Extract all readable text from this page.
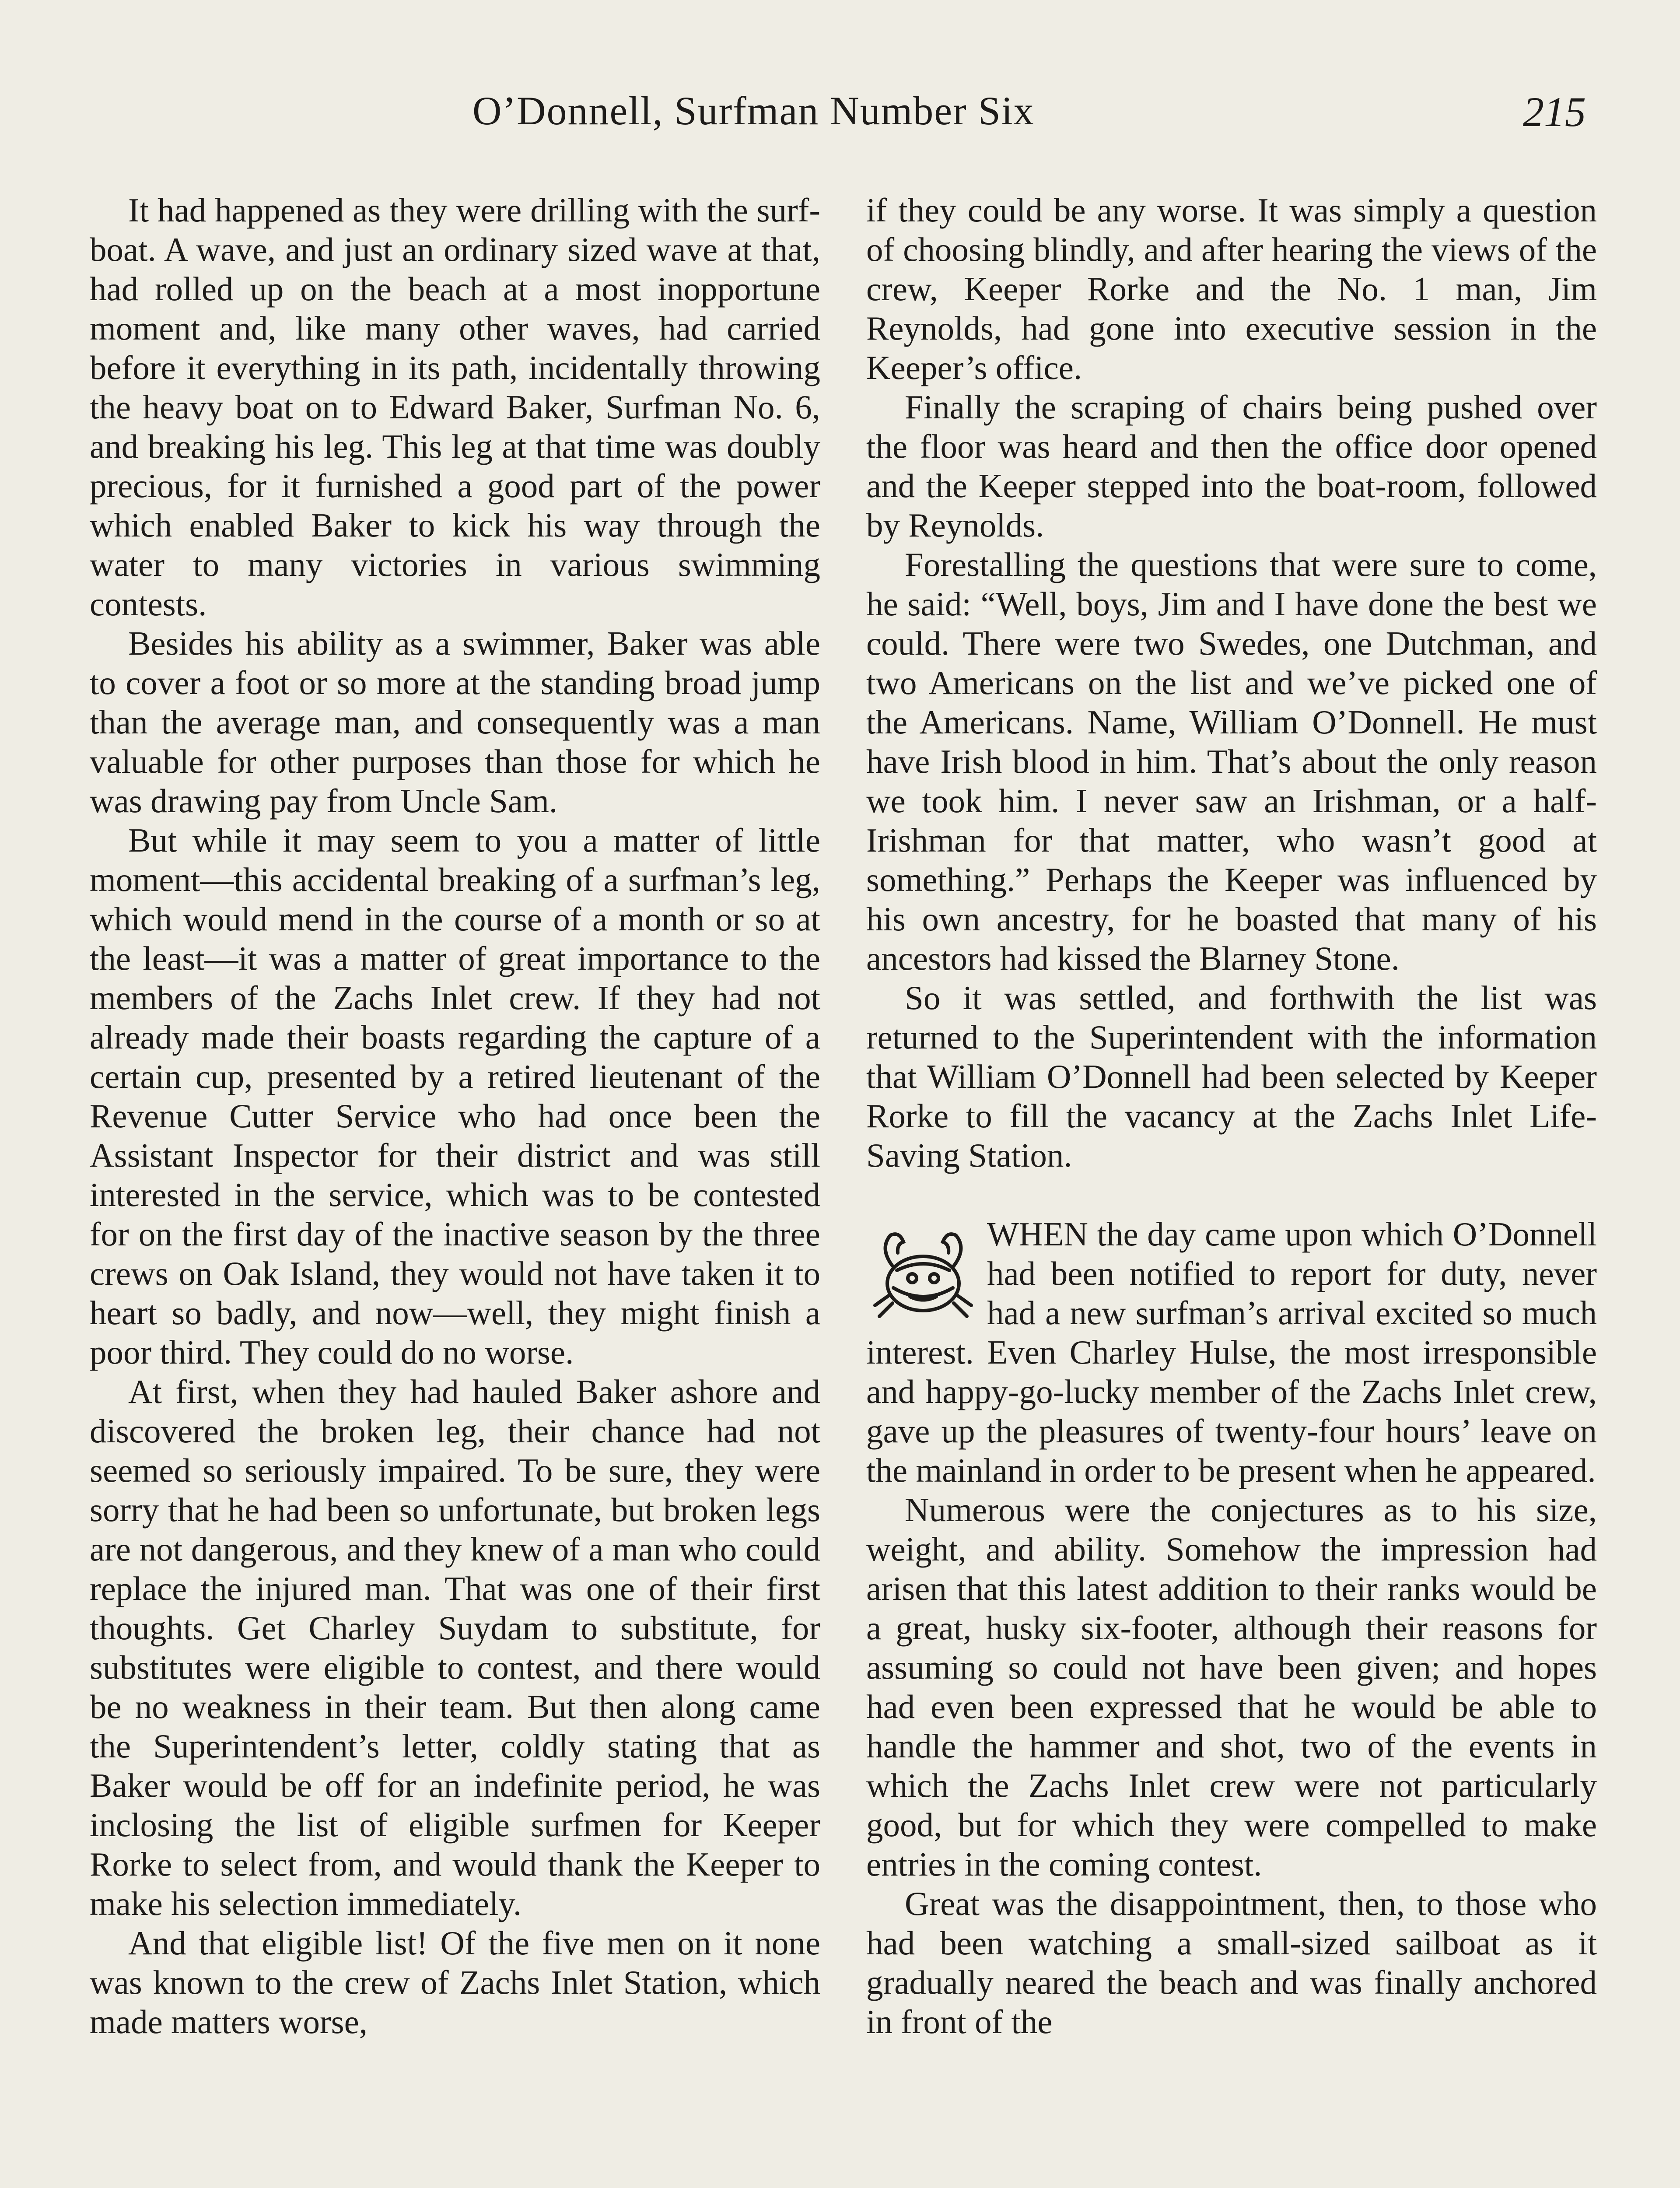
O’Donnell, Surfman Number Six	215

It had happened as they were drilling with the surf-boat. A wave, and just an ordinary sized wave at that, had rolled up on the beach at a most inopportune moment and, like many other waves, had carried before it everything in its path, incidentally throwing the heavy boat on to Edward Baker, Surfman No. 6, and breaking his leg. This leg at that time was doubly precious, for it furnished a good part of the power which enabled Baker to kick his way through the water to many victories in various swimming contests.

Besides his ability as a swimmer, Baker was able to cover a foot or so more at the standing broad jump than the average man, and consequently was a man valuable for other purposes than those for which he was drawing pay from Uncle Sam.

But while it may seem to you a matter of little moment—this accidental breaking of a surfman’s leg, which would mend in the course of a month or so at the least—it was a matter of great importance to the members of the Zachs Inlet crew. If they had not already made their boasts regarding the capture of a certain cup, presented by a retired lieutenant of the Revenue Cutter Service who had once been the Assistant Inspector for their district and was still interested in the service, which was to be contested for on the first day of the inactive season by the three crews on Oak Island, they would not have taken it to heart so badly, and now—well, they might finish a poor third. They could do no worse.

At first, when they had hauled Baker ashore and discovered the broken leg, their chance had not seemed so seriously impaired. To be sure, they were sorry that he had been so unfortunate, but broken legs are not dangerous, and they knew of a man who could replace the injured man. That was one of their first thoughts. Get Charley Suydam to substitute, for substitutes were eligible to contest, and there would be no weakness in their team. But then along came the Superintendent’s letter, coldly stating that as Baker would be off for an indefinite period, he was inclosing the list of eligible surfmen for Keeper Rorke to select from, and would thank the Keeper to make his selection immediately.

And that eligible list! Of the five men on it none was known to the crew of Zachs Inlet Station, which made matters worse,

if they could be any worse. It was simply a question of choosing blindly, and after hearing the views of the crew, Keeper Rorke and the No. 1 man, Jim Reynolds, had gone into executive session in the Keeper’s office.

Finally the scraping of chairs being pushed over the floor was heard and then the office door opened and the Keeper stepped into the boat-room, followed by Reynolds.

Forestalling the questions that were sure to come, he said: “Well, boys, Jim and I have done the best we could. There were two Swedes, one Dutchman, and two Americans on the list and we’ve picked one of the Americans. Name, William O’Donnell. He must have Irish blood in him. That’s about the only reason we took him. I never saw an Irishman, or a half-Irishman for that matter, who wasn’t good at something.” Perhaps the Keeper was influenced by his own ancestry, for he boasted that many of his ancestors had kissed the Blarney Stone.

So it was settled, and forthwith the list was returned to the Superintendent with the information that William O’Donnell had been selected by Keeper Rorke to fill the vacancy at the Zachs Inlet Life-Saving Station.

WHEN the day came upon which O’Donnell had been notified to report for duty, never had a new surfman’s arrival excited so much interest. Even Charley Hulse, the most irresponsible and happy-go-lucky member of the Zachs Inlet crew, gave up the pleasures of twenty-four hours’ leave on the mainland in order to be present when he appeared.

Numerous were the conjectures as to his size, weight, and ability. Somehow the impression had arisen that this latest addition to their ranks would be a great, husky six-footer, although their reasons for assuming so could not have been given; and hopes had even been expressed that he would be able to handle the hammer and shot, two of the events in which the Zachs Inlet crew were not particularly good, but for which they were compelled to make entries in the coming contest.

Great was the disappointment, then, to those who had been watching a small-sized sailboat as it gradually neared the beach and was finally anchored in front of the
